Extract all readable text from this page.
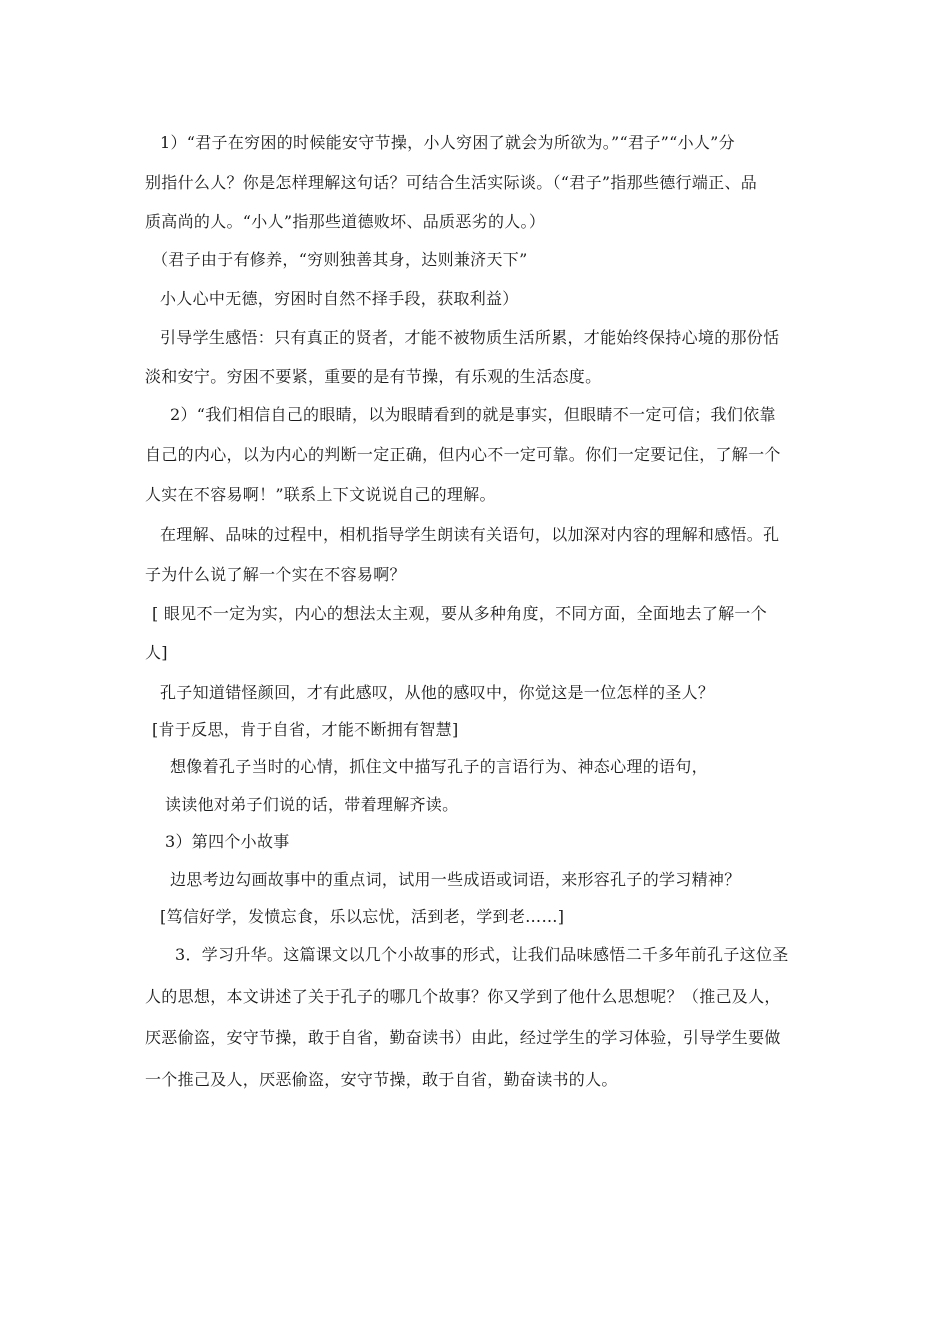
1）“君子在穷困的时候能安守节操，小人穷困了就会为所欲为。”“君子”“小人”分
别指什么人？你是怎样理解这句话？可结合生活实际谈。（“君子”指那些德行端正、品
质高尚的人。“小人”指那些道德败坏、品质恶劣的人。）
（君子由于有修养，“穷则独善其身，达则兼济天下”
小人心中无德，穷困时自然不择手段，获取利益）
引导学生感悟：只有真正的贤者，才能不被物质生活所累，才能始终保持心境的那份恬
淡和安宁。穷困不要紧，重要的是有节操，有乐观的生活态度。
2）“我们相信自己的眼睛，以为眼睛看到的就是事实，但眼睛不一定可信；我们依靠
自己的内心，以为内心的判断一定正确，但内心不一定可靠。你们一定要记住，了解一个
人实在不容易啊！”联系上下文说说自己的理解。
在理解、品味的过程中，相机指导学生朗读有关语句，以加深对内容的理解和感悟。孔
子为什么说了解一个实在不容易啊？
[ 眼见不一定为实，内心的想法太主观，要从多种角度，不同方面，全面地去了解一个
人]
孔子知道错怪颜回，才有此感叹，从他的感叹中，你觉这是一位怎样的圣人？
[肯于反思，肯于自省，才能不断拥有智慧]
想像着孔子当时的心情，抓住文中描写孔子的言语行为、神态心理的语句，
读读他对弟子们说的话，带着理解齐读。
3）第四个小故事
边思考边勾画故事中的重点词，试用一些成语或词语，来形容孔子的学习精神？
[笃信好学，发愤忘食，乐以忘忧，活到老，学到老……]
3．学习升华。这篇课文以几个小故事的形式，让我们品味感悟二千多年前孔子这位圣
人的思想，本文讲述了关于孔子的哪几个故事？你又学到了他什么思想呢？（推己及人，
厌恶偷盗，安守节操，敢于自省，勤奋读书）由此，经过学生的学习体验，引导学生要做
一个推己及人，厌恶偷盗，安守节操，敢于自省，勤奋读书的人。
